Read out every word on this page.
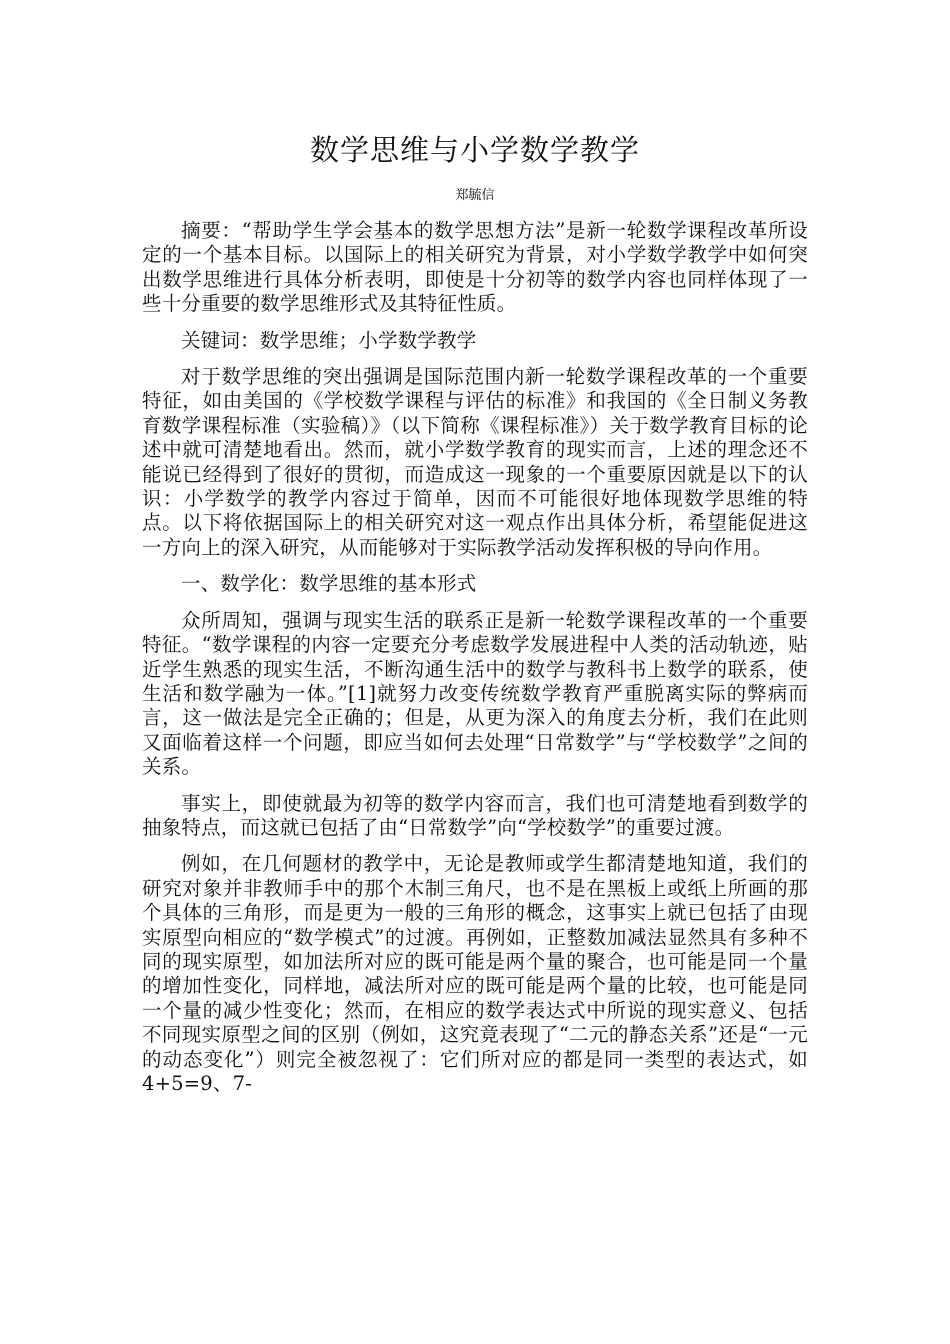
数学思维与小学数学教学
郑毓信

摘要：“帮助学生学会基本的数学思想方法”是新一轮数学课程改革所设定的一个基本目标。以国际上的相关研究为背景，对小学数学教学中如何突出数学思维进行具体分析表明，即使是十分初等的数学内容也同样体现了一些十分重要的数学思维形式及其特征性质。

关键词：数学思维；小学数学教学

对于数学思维的突出强调是国际范围内新一轮数学课程改革的一个重要特征，如由美国的《学校数学课程与评估的标准》和我国的《全日制义务教育数学课程标准（实验稿）》（以下简称《课程标准》）关于数学教育目标的论述中就可清楚地看出。然而，就小学数学教育的现实而言，上述的理念还不能说已经得到了很好的贯彻，而造成这一现象的一个重要原因就是以下的认识：小学数学的教学内容过于简单，因而不可能很好地体现数学思维的特点。以下将依据国际上的相关研究对这一观点作出具体分析，希望能促进这一方向上的深入研究，从而能够对于实际教学活动发挥积极的导向作用。

一、数学化：数学思维的基本形式

众所周知，强调与现实生活的联系正是新一轮数学课程改革的一个重要特征。“数学课程的内容一定要充分考虑数学发展进程中人类的活动轨迹，贴近学生熟悉的现实生活，不断沟通生活中的数学与教科书上数学的联系，使生活和数学融为一体。”[1]就努力改变传统数学教育严重脱离实际的弊病而言，这一做法是完全正确的；但是，从更为深入的角度去分析，我们在此则又面临着这样一个问题，即应当如何去处理“日常数学”与“学校数学”之间的关系。

事实上，即使就最为初等的数学内容而言，我们也可清楚地看到数学的抽象特点，而这就已包括了由“日常数学”向“学校数学”的重要过渡。

例如，在几何题材的教学中，无论是教师或学生都清楚地知道，我们的研究对象并非教师手中的那个木制三角尺，也不是在黑板上或纸上所画的那个具体的三角形，而是更为一般的三角形的概念，这事实上就已包括了由现实原型向相应的“数学模式”的过渡。再例如，正整数加减法显然具有多种不同的现实原型，如加法所对应的既可能是两个量的聚合，也可能是同一个量的增加性变化，同样地，减法所对应的既可能是两个量的比较，也可能是同一个量的减少性变化；然而，在相应的数学表达式中所说的现实意义、包括不同现实原型之间的区别（例如，这究竟表现了“二元的静态关系”还是“一元的动态变化”）则完全被忽视了：它们所对应的都是同一类型的表达式，如4+5=9、7-
